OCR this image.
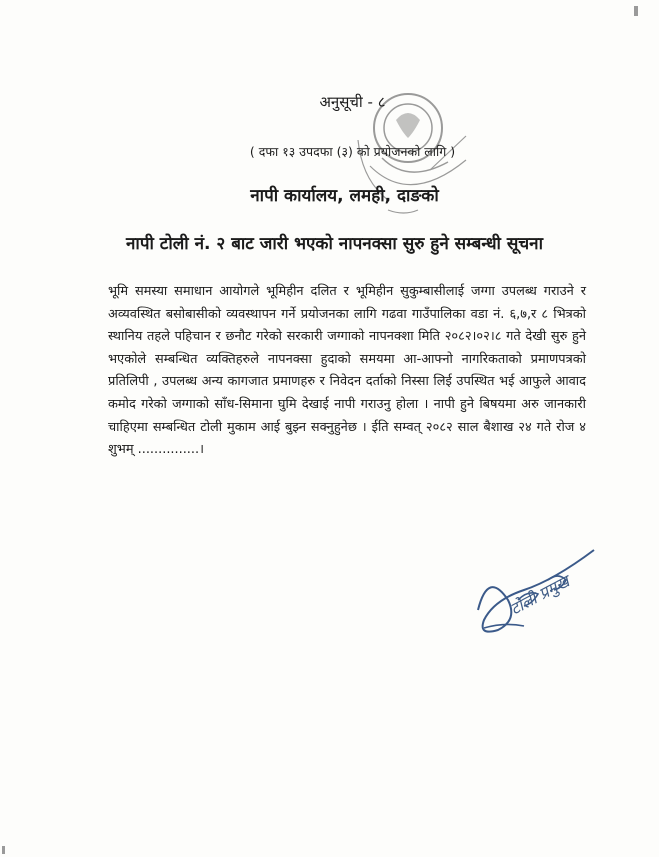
अनुसूची - ८
( दफा १३ उपदफा (३) को प्रयोजनको लागि )
नापी कार्यालय, लमही, दाङको
नापी टोली नं. २ बाट जारी भएको नापनक्सा सुरु हुने सम्बन्धी सूचना
भूमि समस्या समाधान आयोगले भूमिहीन दलित र भूमिहीन सुकुम्बासीलाई जग्गा उपलब्ध गराउने र अव्यवस्थित बसोबासीको व्यवस्थापन गर्ने प्रयोजनका लागि गढवा गाउँपालिका वडा नं. ६,७,र ८ भित्रको स्थानिय तहले पहिचान र छनौट गरेको सरकारी जग्गाको नापनक्शा मिति २०८२।०२।८ गते देखी सुरु हुने भएकोले सम्बन्धित व्यक्तिहरुले नापनक्सा हुदाको समयमा आ-आफ्नो नागरिकताको प्रमाणपत्रको प्रतिलिपी , उपलब्ध अन्य कागजात प्रमाणहरु र निवेदन दर्ताको निस्सा लिई उपस्थित भई आफुले आवाद कमोद गरेको जग्गाको साँध-सिमाना घुमि देखाई नापी गराउनु होला । नापी हुने बिषयमा अरु जानकारी चाहिएमा सम्बन्धित टोली मुकाम आई बुझ्न सक्नुहुनेछ । ईति सम्वत् २०८२ साल बैशाख २४ गते रोज ४ शुभम् ...............।
टोली प्रमुख
